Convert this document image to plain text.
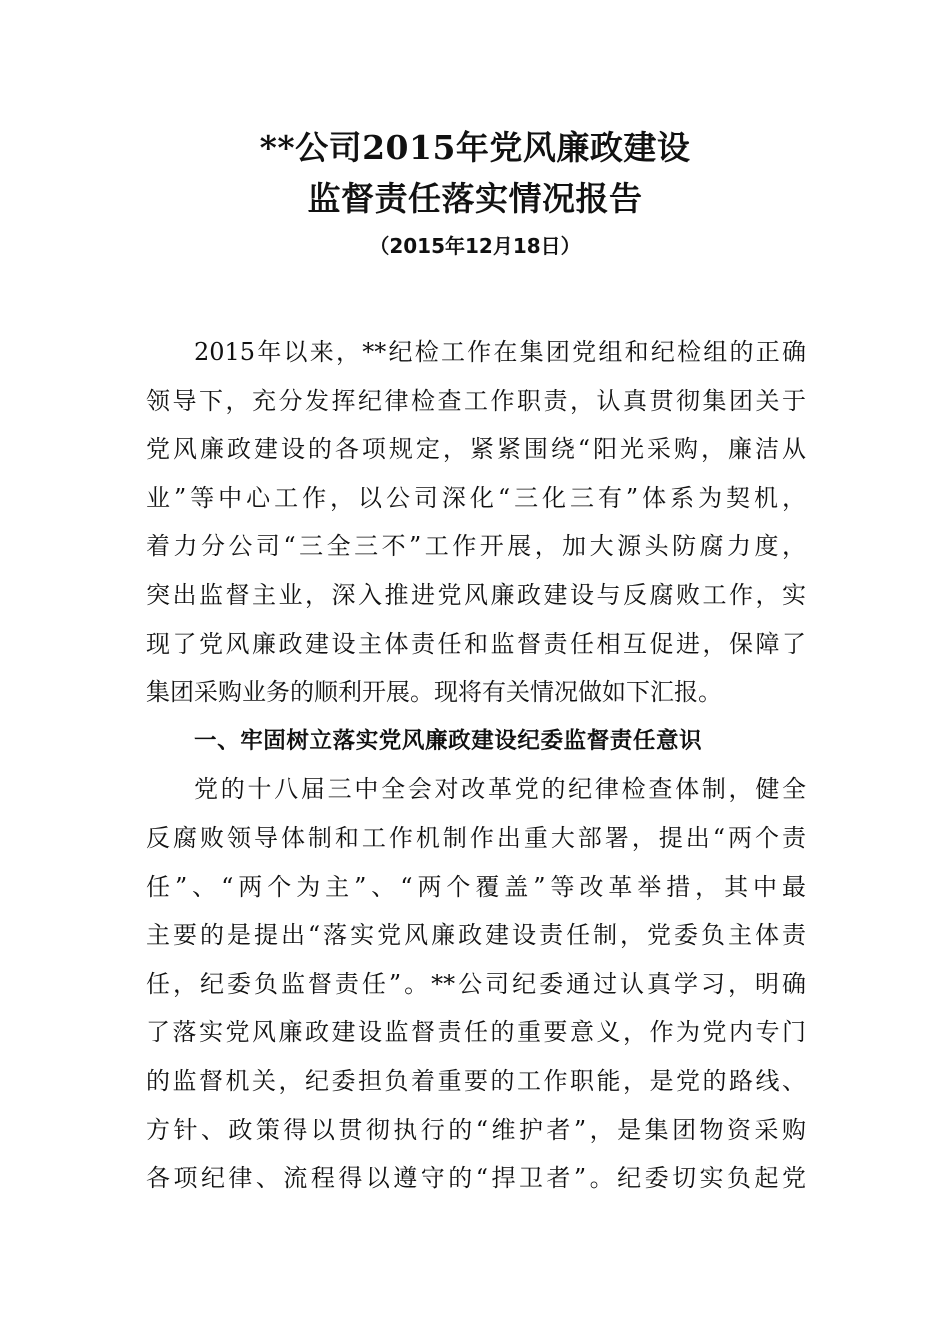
**公司2015年党风廉政建设
监督责任落实情况报告
（2015年12月18日）
2015年以来，**纪检工作在集团党组和纪检组的正确
领导下，充分发挥纪律检查工作职责，认真贯彻集团关于
党风廉政建设的各项规定，紧紧围绕“阳光采购，廉洁从
业”等中心工作，以公司深化“三化三有”体系为契机，
着力分公司“三全三不”工作开展，加大源头防腐力度，
突出监督主业，深入推进党风廉政建设与反腐败工作，实
现了党风廉政建设主体责任和监督责任相互促进，保障了
集团采购业务的顺利开展。现将有关情况做如下汇报。
一、牢固树立落实党风廉政建设纪委监督责任意识
党的十八届三中全会对改革党的纪律检查体制，健全
反腐败领导体制和工作机制作出重大部署，提出“两个责
任”、“两个为主”、“两个覆盖”等改革举措，其中最
主要的是提出“落实党风廉政建设责任制，党委负主体责
任，纪委负监督责任”。**公司纪委通过认真学习，明确
了落实党风廉政建设监督责任的重要意义，作为党内专门
的监督机关，纪委担负着重要的工作职能，是党的路线、
方针、政策得以贯彻执行的“维护者”，是集团物资采购
各项纪律、流程得以遵守的“捍卫者”。纪委切实负起党
